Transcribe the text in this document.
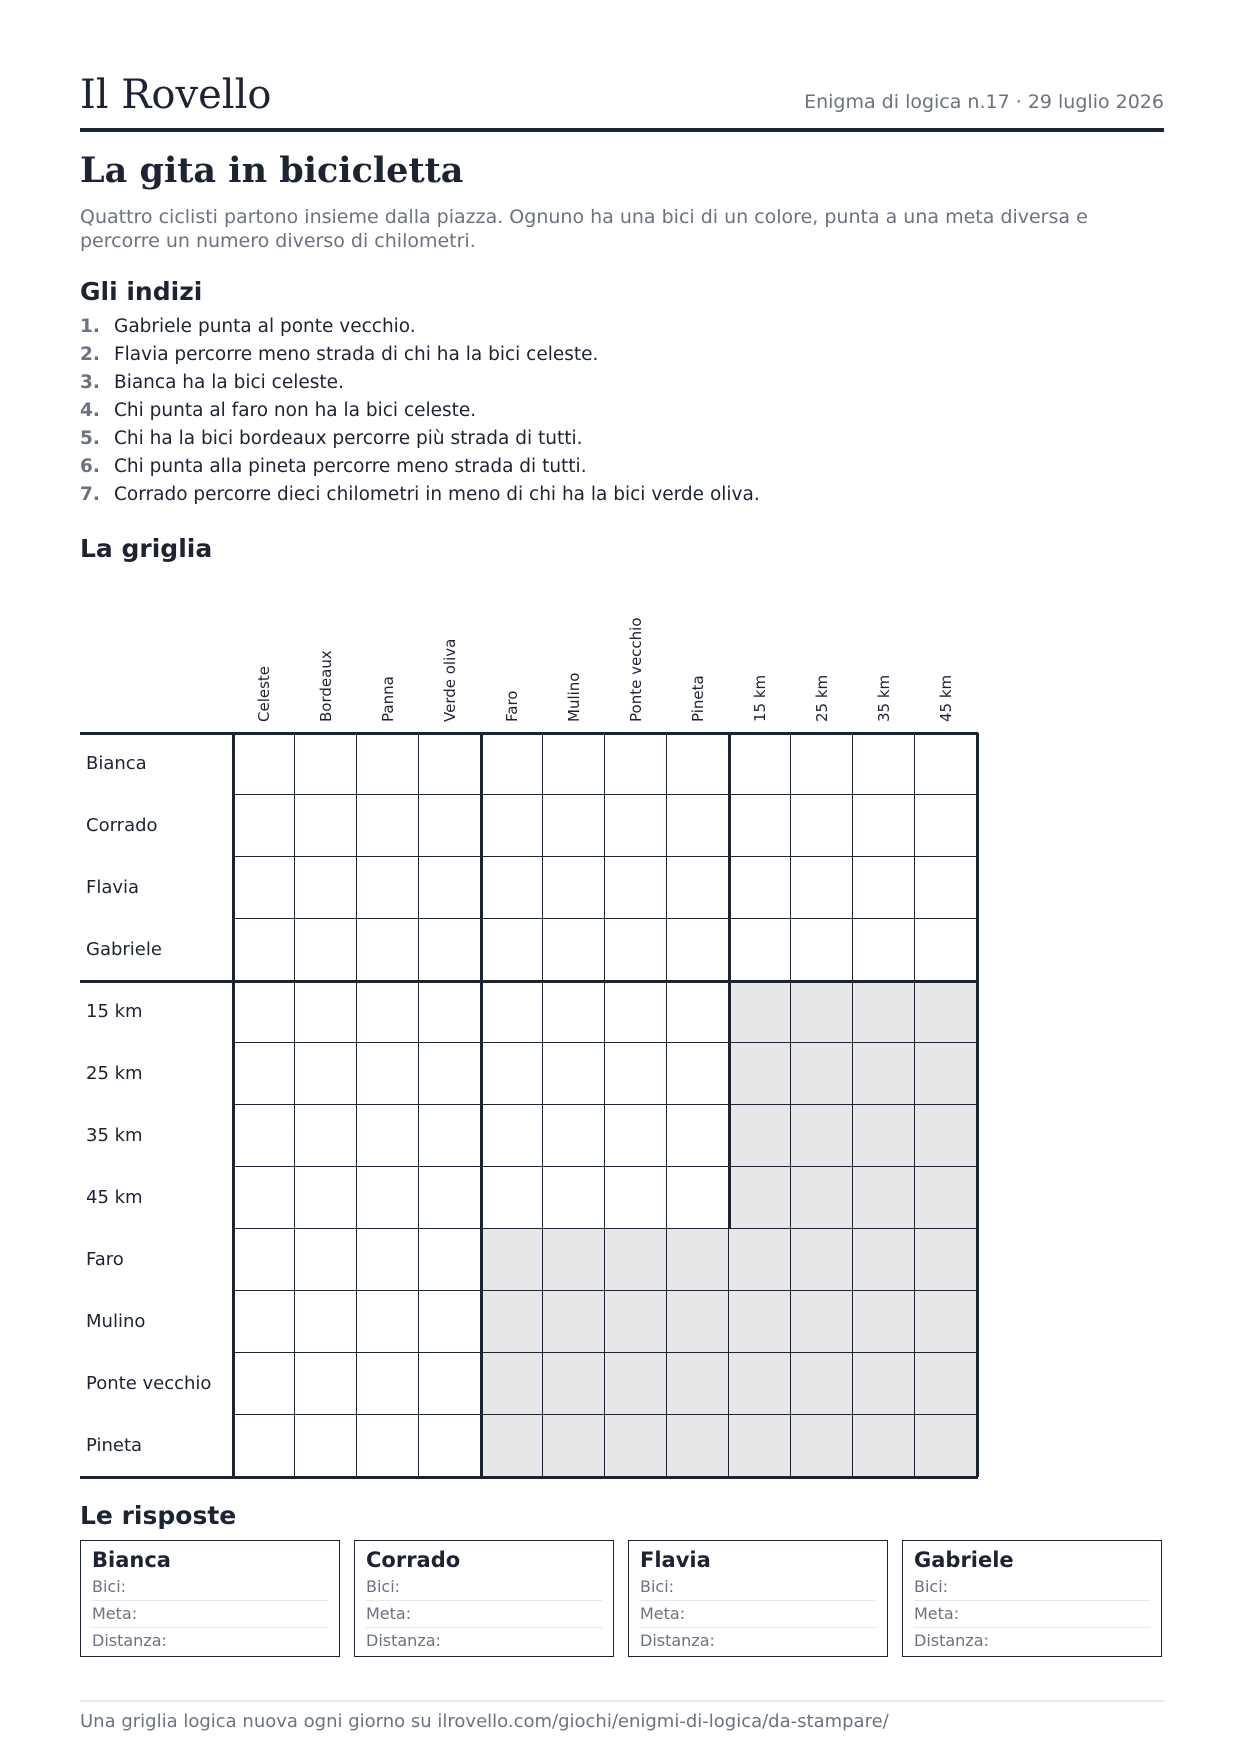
Il Rovello	Enigma di logica n.17 · 29 luglio 2026
La gita in bicicletta

Quattro ciclisti partono insieme dalla piazza. Ognuno ha una bici di un colore, punta a una meta diversa e percorre un numero diverso di chilometri.

Gli indizi
1. Gabriele punta al ponte vecchio.
2. Flavia percorre meno strada di chi ha la bici celeste.
3. Bianca ha la bici celeste.
4. Chi punta al faro non ha la bici celeste.
5. Chi ha la bici bordeaux percorre più strada di tutti.
6. Chi punta alla pineta percorre meno strada di tutti.
7. Corrado percorre dieci chilometri in meno di chi ha la bici verde oliva.
La griglia
Celeste	Bordeaux	Panna	Verde oliva	Faro	Mulino	Ponte vecchio	Pineta	15 km	25 km	35 km	45 km
Bianca
Corrado
Flavia
Gabriele
15 km
25 km
35 km
45 km
Faro
Mulino
Ponte vecchio
Pineta
Le risposte
Bianca
Bici:
Meta:
Distanza:
Corrado
Bici:
Meta:
Distanza:
Flavia
Bici:
Meta:
Distanza:
Gabriele
Bici:
Meta:
Distanza:
Una griglia logica nuova ogni giorno su ilrovello.com/giochi/enigmi-di-logica/da-stampare/
